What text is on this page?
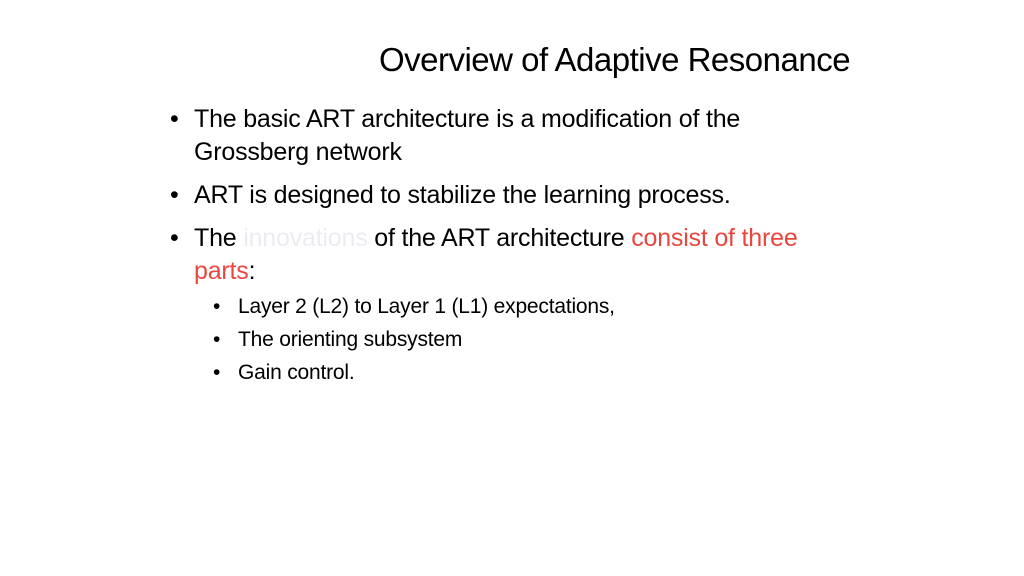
Overview of Adaptive Resonance
• The basic ART architecture is a modification of the Grossberg network
• ART is designed to stabilize the learning process.
• The innovations of the ART architecture consist of three parts:
• Layer 2 (L2) to Layer 1 (L1) expectations,
• The orienting subsystem
• Gain control.
